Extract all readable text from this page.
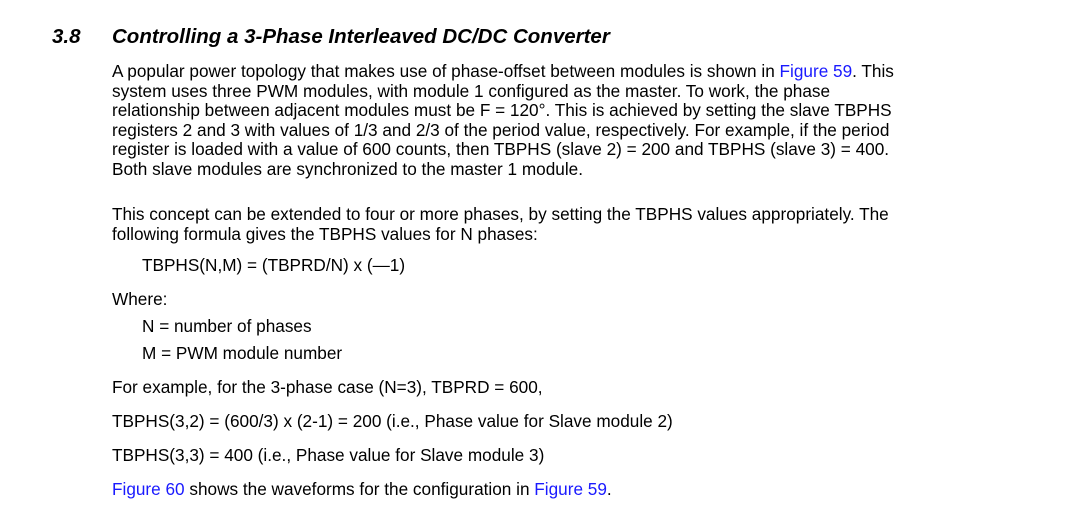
3.8 Controlling a 3-Phase Interleaved DC/DC Converter
A popular power topology that makes use of phase-offset between modules is shown in Figure 59. This
system uses three PWM modules, with module 1 configured as the master. To work, the phase
relationship between adjacent modules must be F = 120°. This is achieved by setting the slave TBPHS
registers 2 and 3 with values of 1/3 and 2/3 of the period value, respectively. For example, if the period
register is loaded with a value of 600 counts, then TBPHS (slave 2) = 200 and TBPHS (slave 3) = 400.
Both slave modules are synchronized to the master 1 module.
This concept can be extended to four or more phases, by setting the TBPHS values appropriately. The
following formula gives the TBPHS values for N phases:
TBPHS(N,M) = (TBPRD/N) x (—1)
Where:
N = number of phases
M = PWM module number
For example, for the 3-phase case (N=3), TBPRD = 600,
TBPHS(3,2) = (600/3) x (2-1) = 200 (i.e., Phase value for Slave module 2)
TBPHS(3,3) = 400 (i.e., Phase value for Slave module 3)
Figure 60 shows the waveforms for the configuration in Figure 59.
